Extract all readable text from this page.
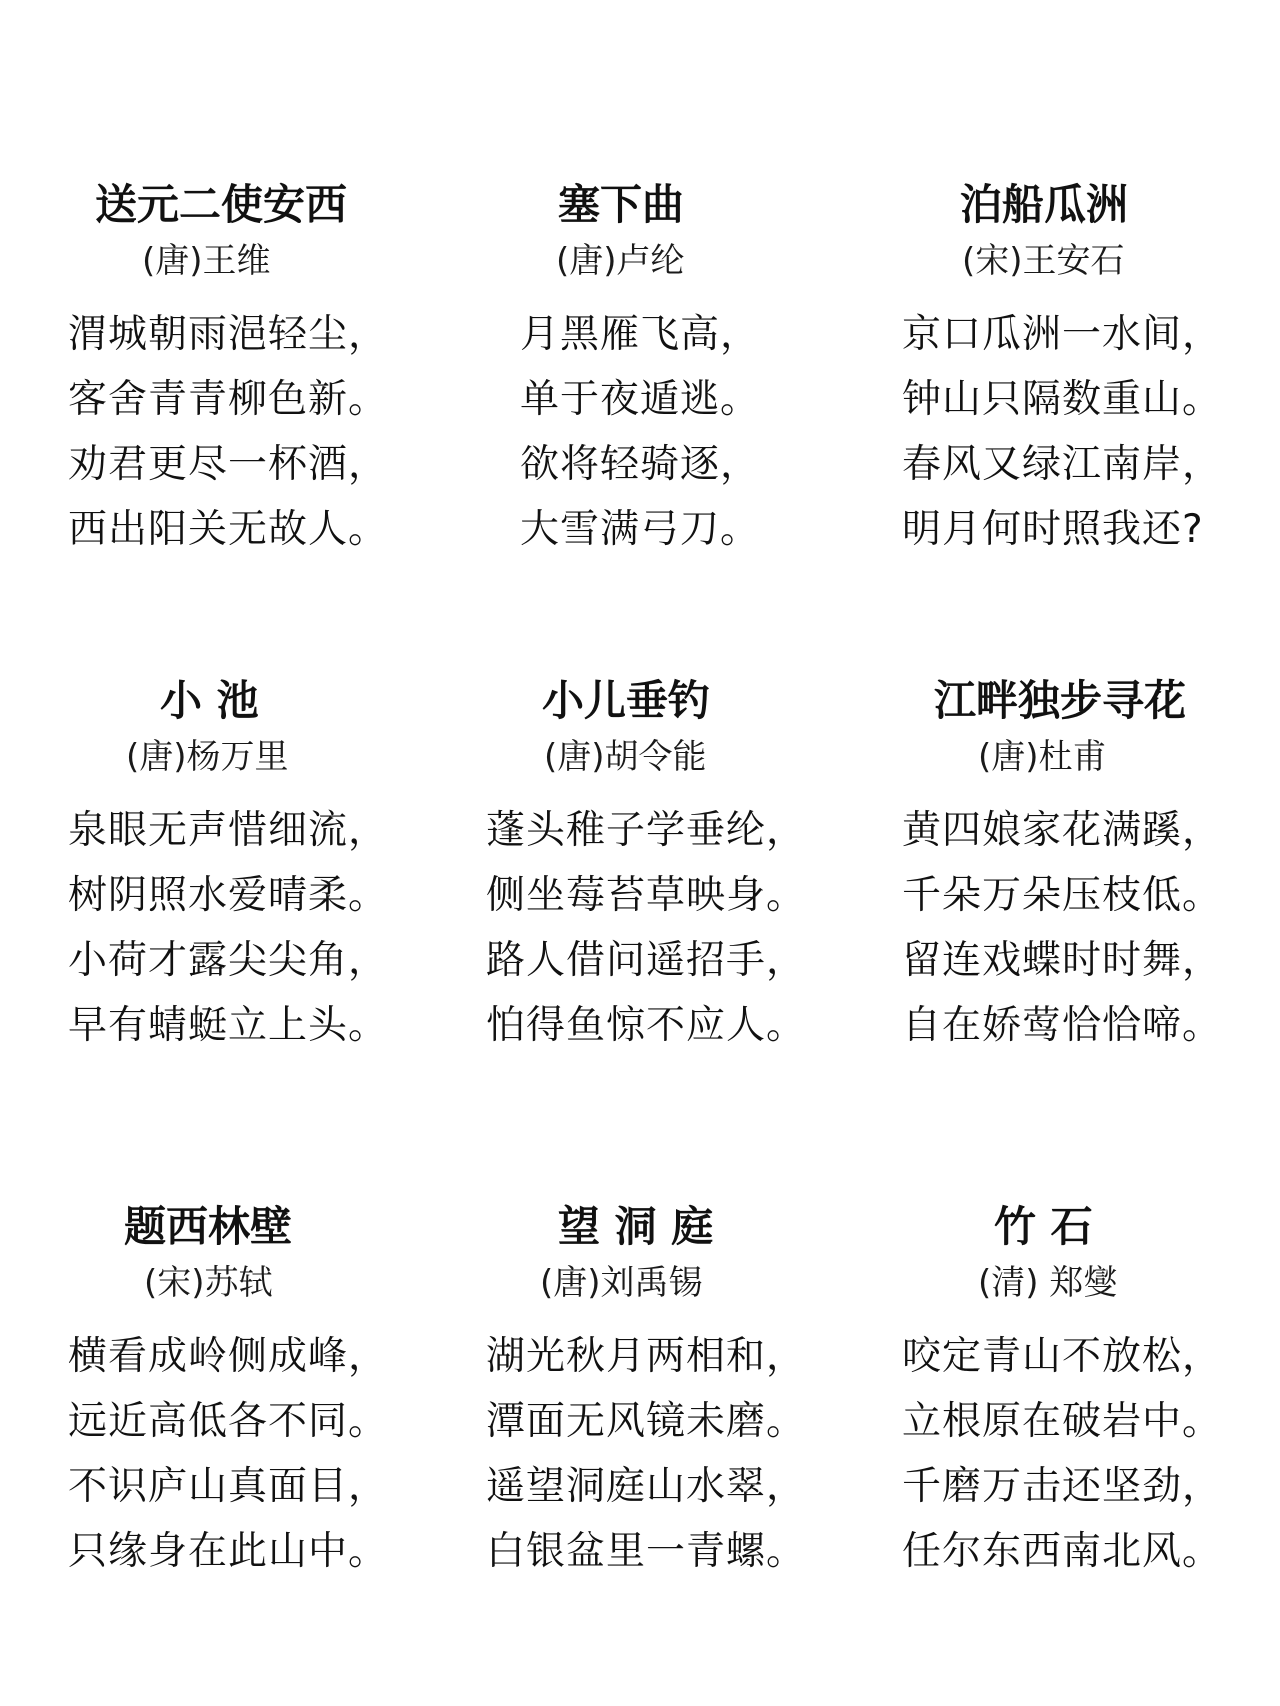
送元二使安西
(唐)王维
渭城朝雨浥轻尘，
客舍青青柳色新。
劝君更尽一杯酒，
西出阳关无故人。
塞下曲
(唐)卢纶
月黑雁飞高，
单于夜遁逃。
欲将轻骑逐，
大雪满弓刀。
泊船瓜洲
(宋)王安石
京口瓜洲一水间，
钟山只隔数重山。
春风又绿江南岸，
明月何时照我还?
小 池
(唐)杨万里
泉眼无声惜细流，
树阴照水爱晴柔。
小荷才露尖尖角，
早有蜻蜓立上头。
小儿垂钓
(唐)胡令能
蓬头稚子学垂纶，
侧坐莓苔草映身。
路人借问遥招手，
怕得鱼惊不应人。
江畔独步寻花
(唐)杜甫
黄四娘家花满蹊，
千朵万朵压枝低。
留连戏蝶时时舞，
自在娇莺恰恰啼。
题西林壁
(宋)苏轼
横看成岭侧成峰，
远近高低各不同。
不识庐山真面目，
只缘身在此山中。
望 洞 庭
(唐)刘禹锡
湖光秋月两相和，
潭面无风镜未磨。
遥望洞庭山水翠，
白银盆里一青螺。
竹 石
(清) 郑燮
咬定青山不放松，
立根原在破岩中。
千磨万击还坚劲，
任尔东西南北风。
